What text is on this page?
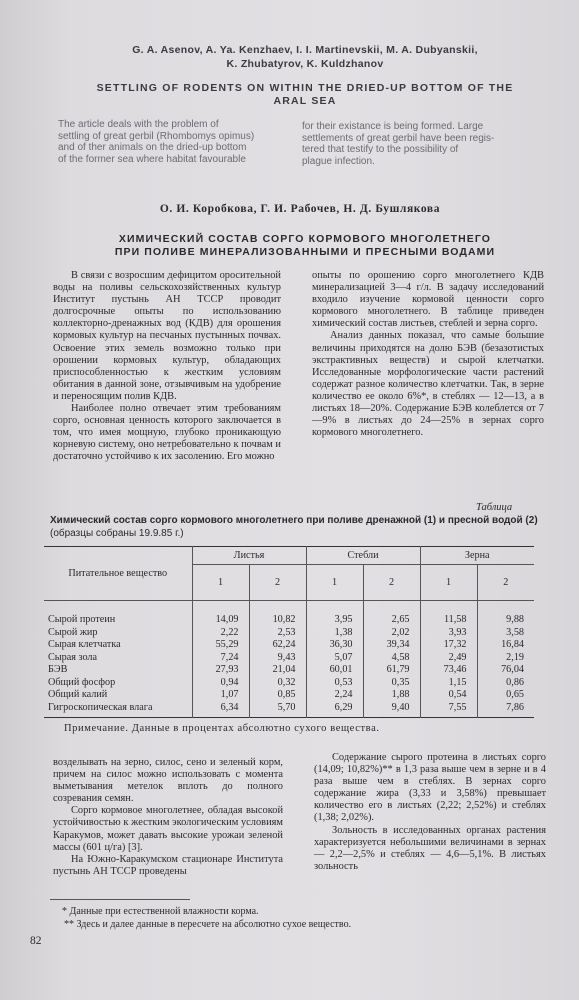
G. A. Asenov, A. Ya. Kenzhaev, I. I. Martinevskii, M. A. Dubyanskii,
K. Zhubatyrov, K. Kuldzhanov
SETTLING OF RODENTS ON WITHIN THE DRIED-UP BOTTOM OF THE
ARAL SEA
The article deals with the problem of
settling of great gerbil (Rhombomys opimus)
and of ther animals on the dried-up bottom
of the former sea where habitat favourable
for their existance is being formed. Large
settlements of great gerbil have been regis-
tered that testify to the possibility of
plague infection.
О. И. Коробкова, Г. И. Рабочев, Н. Д. Бушлякова
ХИМИЧЕСКИЙ СОСТАВ СОРГО КОРМОВОГО МНОГОЛЕТНЕГО
ПРИ ПОЛИВЕ МИНЕРАЛИЗОВАННЫМИ И ПРЕСНЫМИ ВОДАМИ

В связи с возросшим дефицитом оросительной воды на поливы сельскохозяйственных культур Институт пустынь АН ТССР проводит долгосрочные опыты по использованию коллекторно-дренажных вод (КДВ) для орошения кормовых культур на песчаных пустынных почвах. Освоение этих земель возможно только при орошении кормовых культур, обладающих приспособленностью к жестким условиям обитания в данной зоне, отзывчивым на удобрение и переносящим полив КДВ.

Наиболее полно отвечает этим требованиям сорго, основная ценность которого заключается в том, что имея мощную, глубоко проникающую корневую систему, оно нетребовательно к почвам и достаточно устойчиво к их засолению. Его можно

опыты по орошению сорго многолетнего КДВ минерализацией 3—4 г/л. В задачу исследований входило изучение кормовой ценности сорго кормового многолетнего. В таблице приведен химический состав листьев, стеблей и зерна сорго.

Анализ данных показал, что самые большие величины приходятся на долю БЭВ (безазотистых экстрактивных веществ) и сырой клетчатки. Исследованные морфологические части растений содержат разное количество клетчатки. Так, в зерне количество ее около 6%*, в стеблях — 12—13, а в листьях 18—20%. Содержание БЭВ колеблется от 7—9% в листьях до 24—25% в зернах сорго кормового многолетнего.

Таблица
Химический состав сорго кормового многолетнего при поливе дренажной (1) и пресной водой (2) (образцы собраны 19.9.85 г.)
Питательное вещество	Листья		Стебли		Зерна	
	1	2	1	2	1	2
Сырой протеин	14,09	10,82	3,95	2,65	11,58	9,88
Сырой жир	2,22	2,53	1,38	2,02	3,93	3,58
Сырая клетчатка	55,29	62,24	36,30	39,34	17,32	16,84
Сырая зола	7,24	9,43	5,07	4,58	2,49	2,19
БЭВ	27,93	21,04	60,01	61,79	73,46	76,04
Общий фосфор	0,94	0,32	0,53	0,35	1,15	0,86
Общий калий	1,07	0,85	2,24	1,88	0,54	0,65
Гигроскопическая влага	6,34	5,70	6,29	9,40	7,55	7,86
Примечание. Данные в процентах абсолютно сухого вещества.

возделывать на зерно, силос, сено и зеленый корм, причем на силос можно использовать с момента выметывания метелок вплоть до полного созревания семян.

Сорго кормовое многолетнее, обладая высокой устойчивостью к жестким экологическим условиям Каракумов, может давать высокие урожаи зеленой массы (601 ц/га) [3].

На Южно-Каракумском стационаре Института пустынь АН ТССР проведены

Содержание сырого протеина в листьях сорго (14,09; 10,82%)** в 1,3 раза выше чем в зерне и в 4 раза выше чем в стеблях. В зернах сорго содержание жира (3,33 и 3,58%) превышает количество его в листьях (2,22; 2,52%) и стеблях (1,38; 2,02%).

Зольность в исследованных органах растения характеризуется небольшими величинами в зернах — 2,2—2,5% и стеблях — 4,6—5,1%. В листьях зольность

* Данные при естественной влажности корма.
** Здесь и далее данные в пересчете на абсолютно сухое вещество.
82
